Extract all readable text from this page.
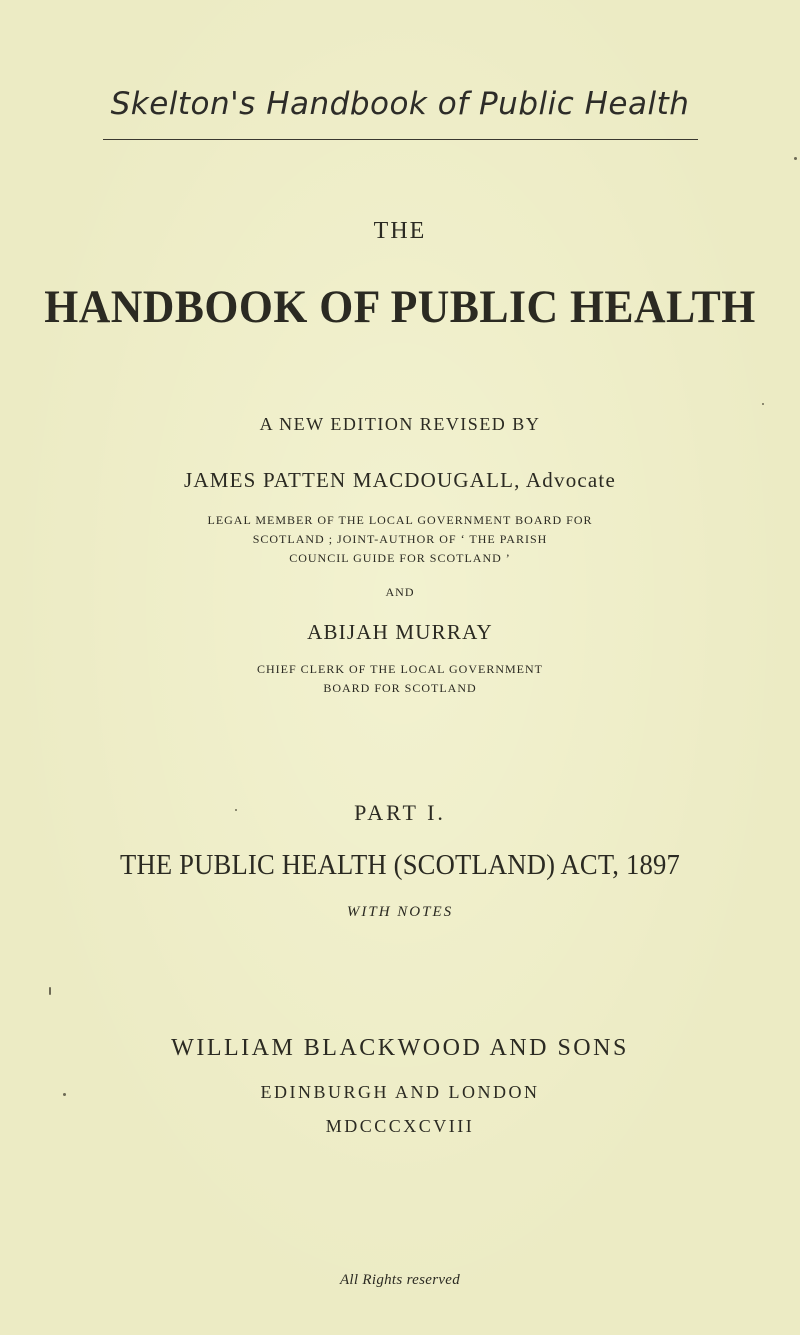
Skelton's Handbook of Public Health
THE
HANDBOOK OF PUBLIC HEALTH
A NEW EDITION REVISED BY
JAMES PATTEN MACDOUGALL, Advocate
LEGAL MEMBER OF THE LOCAL GOVERNMENT BOARD FOR
SCOTLAND ; JOINT-AUTHOR OF ‘ THE PARISH
COUNCIL GUIDE FOR SCOTLAND ’
AND
ABIJAH MURRAY
CHIEF CLERK OF THE LOCAL GOVERNMENT
BOARD FOR SCOTLAND
PART I.
THE PUBLIC HEALTH (SCOTLAND) ACT, 1897
WITH NOTES
WILLIAM BLACKWOOD AND SONS
EDINBURGH AND LONDON
MDCCCXCVIII
All Rights reserved
